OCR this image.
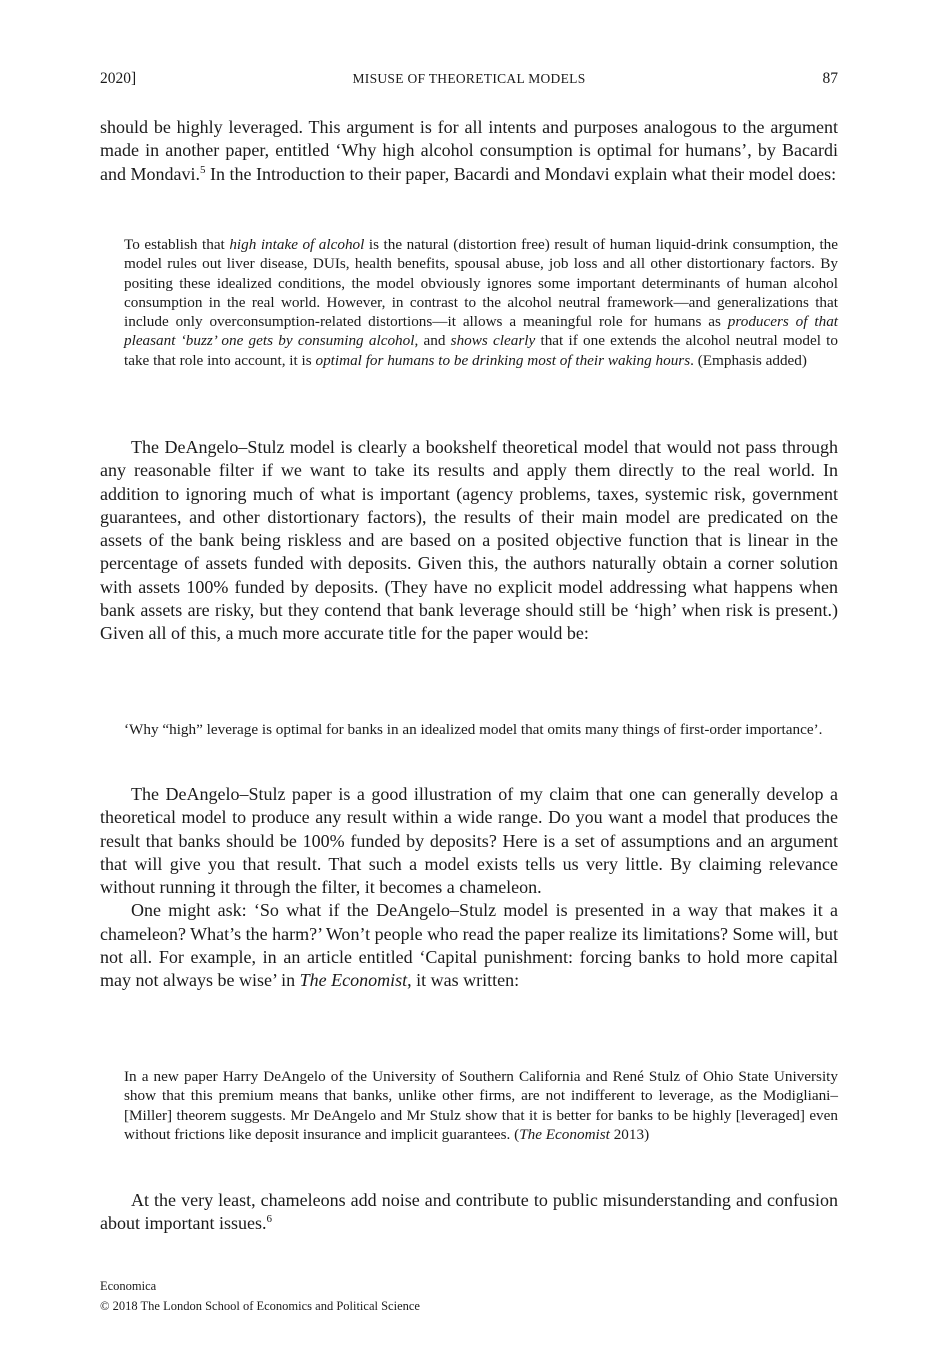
2020]	MISUSE OF THEORETICAL MODELS	87

should be highly leveraged. This argument is for all intents and purposes analogous to the argument made in another paper, entitled ‘Why high alcohol consumption is optimal for humans’, by Bacardi and Mondavi.$^5$ In the Introduction to their paper, Bacardi and Mondavi explain what their model does:

To establish that high intake of alcohol is the natural (distortion free) result of human liquid-drink consumption, the model rules out liver disease, DUIs, health benefits, spousal abuse, job loss and all other distortionary factors. By positing these idealized conditions, the model obviously ignores some important determinants of human alcohol consumption in the real world. However, in contrast to the alcohol neutral framework—and generalizations that include only overconsumption-related distortions—it allows a meaningful role for humans as producers of that pleasant ‘buzz’ one gets by consuming alcohol, and shows clearly that if one extends the alcohol neutral model to take that role into account, it is optimal for humans to be drinking most of their waking hours. (Emphasis added)

The DeAngelo–Stulz model is clearly a bookshelf theoretical model that would not pass through any reasonable filter if we want to take its results and apply them directly to the real world. In addition to ignoring much of what is important (agency problems, taxes, systemic risk, government guarantees, and other distortionary factors), the results of their main model are predicated on the assets of the bank being riskless and are based on a posited objective function that is linear in the percentage of assets funded with deposits. Given this, the authors naturally obtain a corner solution with assets 100% funded by deposits. (They have no explicit model addressing what happens when bank assets are risky, but they contend that bank leverage should still be ‘high’ when risk is present.) Given all of this, a much more accurate title for the paper would be:

‘Why “high” leverage is optimal for banks in an idealized model that omits many things of first-order importance’.

The DeAngelo–Stulz paper is a good illustration of my claim that one can generally develop a theoretical model to produce any result within a wide range. Do you want a model that produces the result that banks should be 100% funded by deposits? Here is a set of assumptions and an argument that will give you that result. That such a model exists tells us very little. By claiming relevance without running it through the filter, it becomes a chameleon.
One might ask: ‘So what if the DeAngelo–Stulz model is presented in a way that makes it a chameleon? What’s the harm?’ Won’t people who read the paper realize its limitations? Some will, but not all. For example, in an article entitled ‘Capital punishment: forcing banks to hold more capital may not always be wise’ in The Economist, it was written:

In a new paper Harry DeAngelo of the University of Southern California and René Stulz of Ohio State University show that this premium means that banks, unlike other firms, are not indifferent to leverage, as the Modigliani–[Miller] theorem suggests. Mr DeAngelo and Mr Stulz show that it is better for banks to be highly [leveraged] even without frictions like deposit insurance and implicit guarantees. (The Economist 2013)

At the very least, chameleons add noise and contribute to public misunderstanding and confusion about important issues.$^6$

Economica
© 2018 The London School of Economics and Political Science
